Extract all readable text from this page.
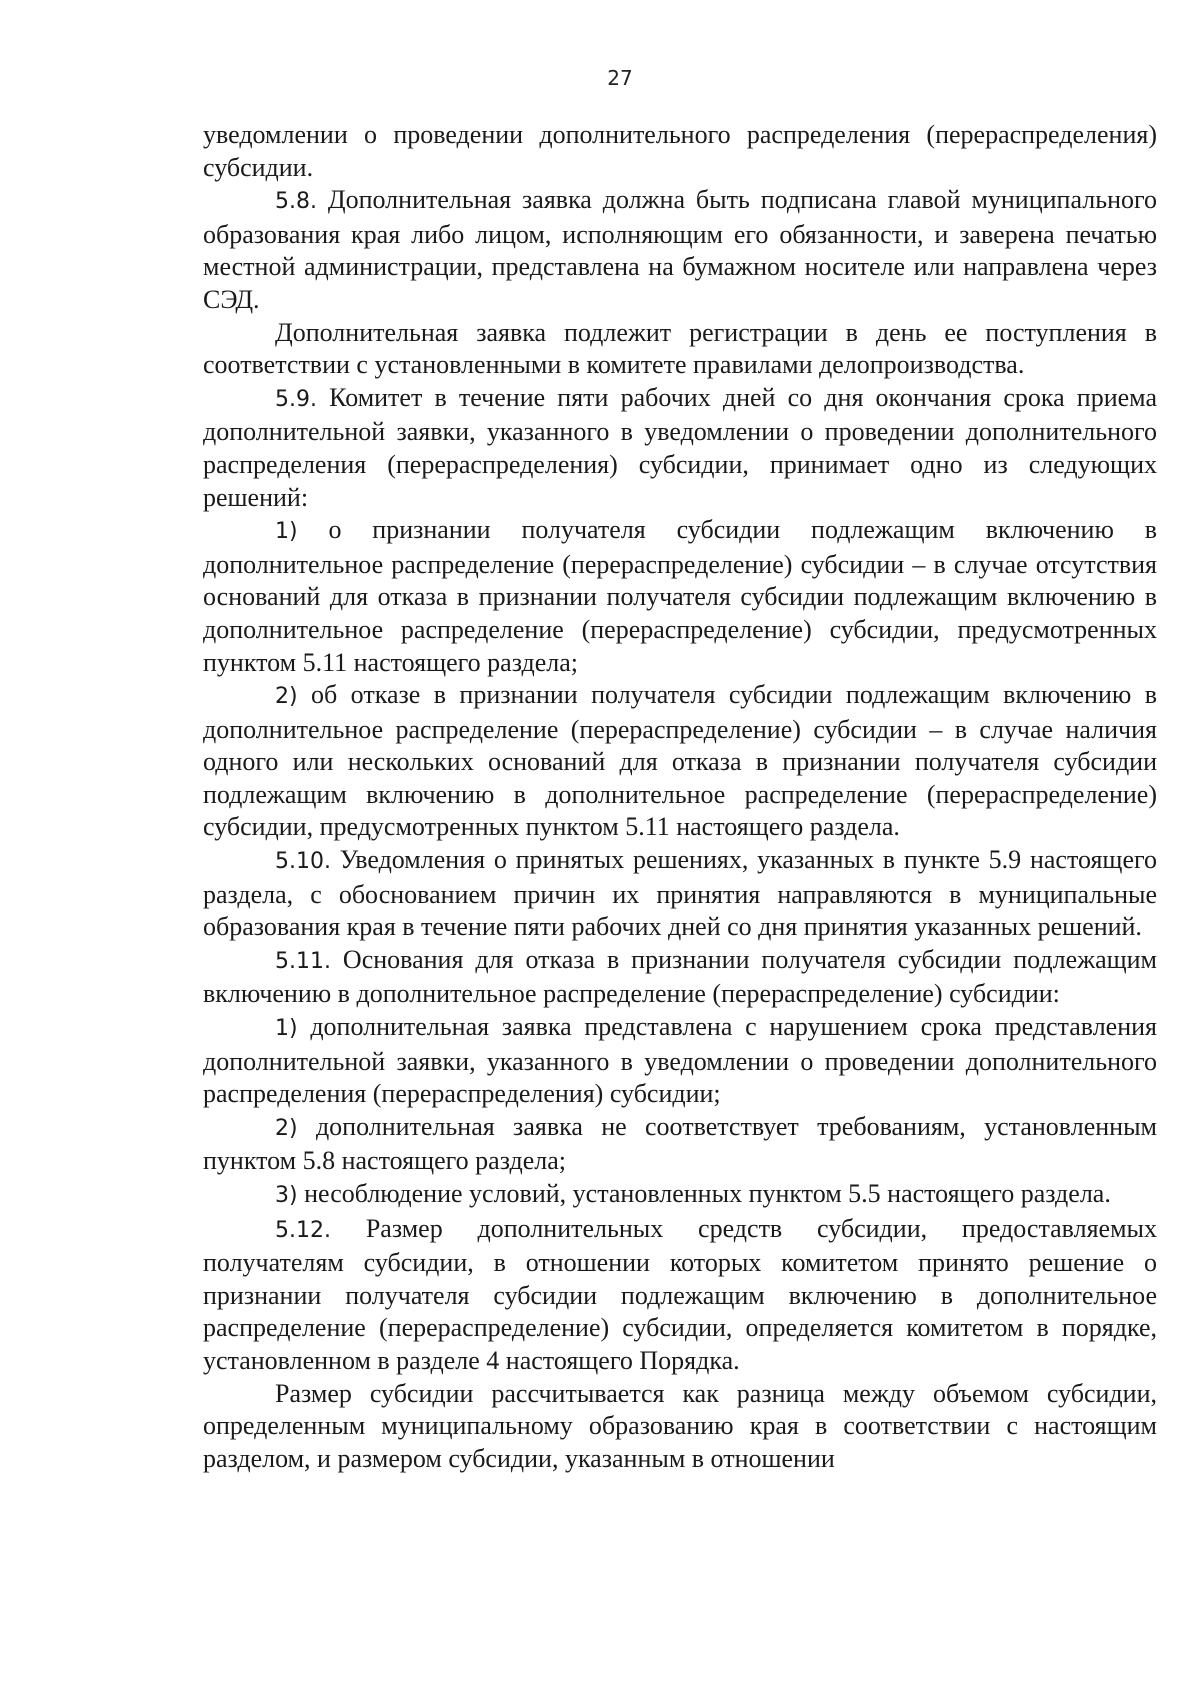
27

уведомлении о проведении дополнительного распределения (перераспределения) субсидии.

5.8. Дополнительная заявка должна быть подписана главой муниципального образования края либо лицом, исполняющим его обязанности, и заверена печатью местной администрации, представлена на бумажном носителе или направлена через СЭД.

Дополнительная заявка подлежит регистрации в день ее поступления в соответствии с установленными в комитете правилами делопроизводства.

5.9. Комитет в течение пяти рабочих дней со дня окончания срока приема дополнительной заявки, указанного в уведомлении о проведении дополнительного распределения (перераспределения) субсидии, принимает одно из следующих решений:

1) о признании получателя субсидии подлежащим включению в дополнительное распределение (перераспределение) субсидии – в случае отсутствия оснований для отказа в признании получателя субсидии подлежащим включению в дополнительное распределение (перераспределение) субсидии, предусмотренных пунктом 5.11 настоящего раздела;

2) об отказе в признании получателя субсидии подлежащим включению в дополнительное распределение (перераспределение) субсидии – в случае наличия одного или нескольких оснований для отказа в признании получателя субсидии подлежащим включению в дополнительное распределение (перераспределение) субсидии, предусмотренных пунктом 5.11 настоящего раздела.

5.10. Уведомления о принятых решениях, указанных в пункте 5.9 настоящего раздела, с обоснованием причин их принятия направляются в муниципальные образования края в течение пяти рабочих дней со дня принятия указанных решений.

5.11. Основания для отказа в признании получателя субсидии подлежащим включению в дополнительное распределение (перераспределение) субсидии:

1) дополнительная заявка представлена с нарушением срока представления дополнительной заявки, указанного в уведомлении о проведении дополнительного распределения (перераспределения) субсидии;

2) дополнительная заявка не соответствует требованиям, установленным пунктом 5.8 настоящего раздела;

3) несоблюдение условий, установленных пунктом 5.5 настоящего раздела.

5.12. Размер дополнительных средств субсидии, предоставляемых получателям субсидии, в отношении которых комитетом принято решение о признании получателя субсидии подлежащим включению в дополнительное распределение (перераспределение) субсидии, определяется комитетом в порядке, установленном в разделе 4 настоящего Порядка.

Размер субсидии рассчитывается как разница между объемом субсидии, определенным муниципальному образованию края в соответствии с настоящим разделом, и размером субсидии, указанным в отношении
